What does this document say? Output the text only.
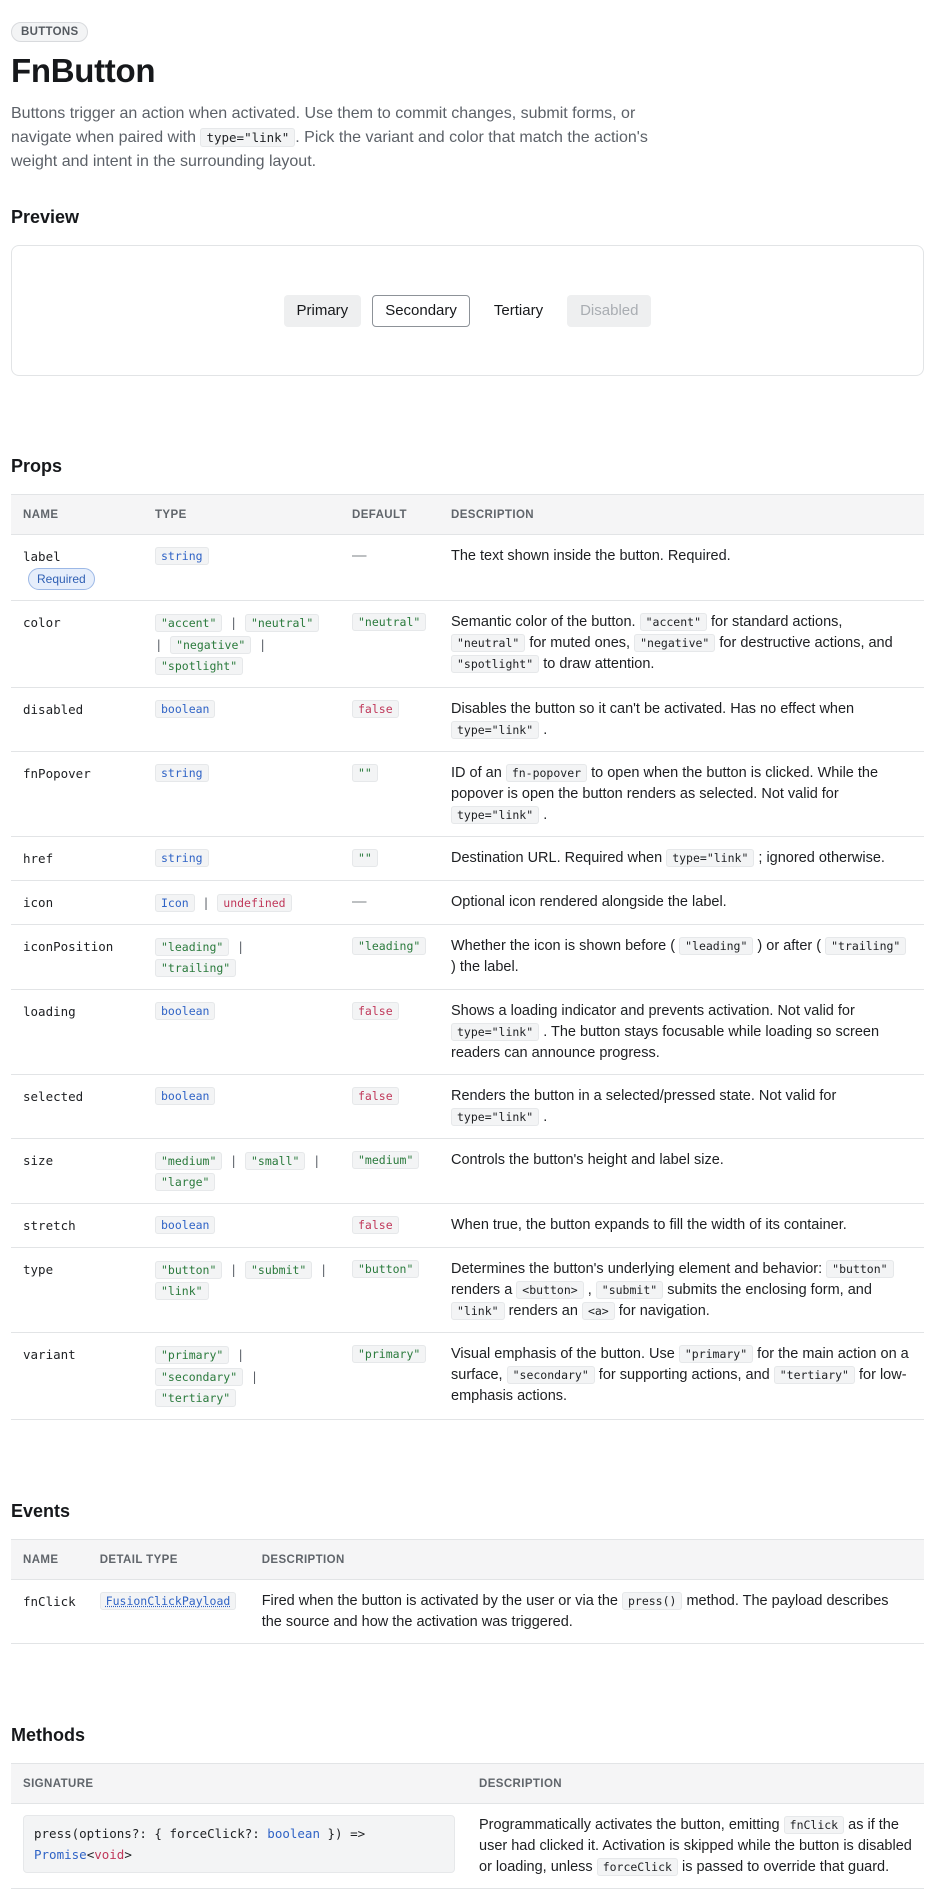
BUTTONS
FnButton

Buttons trigger an action when activated. Use them to commit changes, submit forms, or navigate when paired with type="link" . Pick the variant and color that match the action's weight and intent in the surrounding layout.

Preview
Primary	Secondary	Tertiary	Disabled
Props
NAME	TYPE	DEFAULT	DESCRIPTION
labelRequired	string	—	The text shown inside the button. Required.
color	"accent" | "neutral" | "negative" | "spotlight"	"neutral"	Semantic color of the button. "accent" for standard actions, "neutral" for muted ones, "negative" for destructive actions, and "spotlight" to draw attention.
disabled	boolean	false	Disables the button so it can't be activated. Has no effect when type="link" .
fnPopover	string	""	ID of an fn-popover to open when the button is clicked. While the popover is open the button renders as selected. Not valid for type="link" .
href	string	""	Destination URL. Required when type="link" ; ignored otherwise.
icon	Icon | undefined	—	Optional icon rendered alongside the label.
iconPosition	"leading" | "trailing"	"leading"	Whether the icon is shown before ( "leading" ) or after ( "trailing" ) the label.
loading	boolean	false	Shows a loading indicator and prevents activation. Not valid for type="link" . The button stays focusable while loading so screen readers can announce progress.
selected	boolean	false	Renders the button in a selected/pressed state. Not valid for type="link" .
size	"medium" | "small" | "large"	"medium"	Controls the button's height and label size.
stretch	boolean	false	When true, the button expands to fill the width of its container.
type	"button" | "submit" | "link"	"button"	Determines the button's underlying element and behavior: "button" renders a <button> , "submit" submits the enclosing form, and "link" renders an <a> for navigation.
variant	"primary" | "secondary" | "tertiary"	"primary"	Visual emphasis of the button. Use "primary" for the main action on a surface, "secondary" for supporting actions, and "tertiary" for low-emphasis actions.
Events
NAME	DETAIL TYPE	DESCRIPTION
fnClick	FusionClickPayload	Fired when the button is activated by the user or via the press() method. The payload describes the source and how the activation was triggered.
Methods
SIGNATURE	DESCRIPTION
press(options?: { forceClick?: boolean }) => Promise<void>	Programmatically activates the button, emitting fnClick as if the user had clicked it. Activation is skipped while the button is disabled or loading, unless forceClick is passed to override that guard.
